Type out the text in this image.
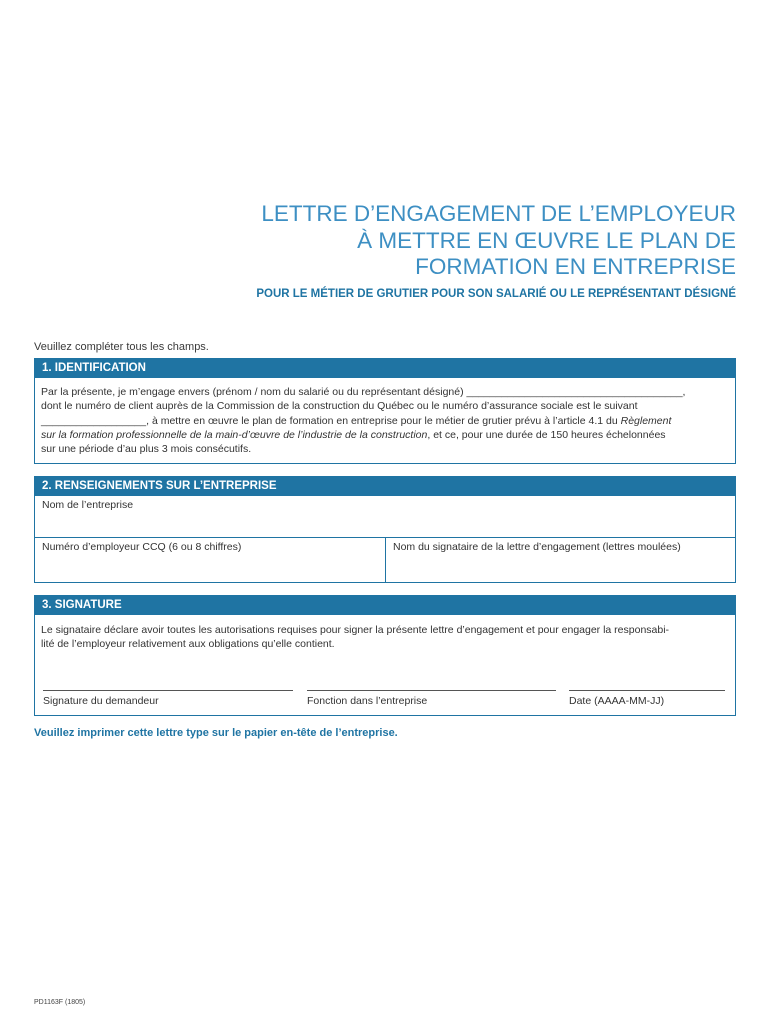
LETTRE D’ENGAGEMENT DE L’EMPLOYEUR
À METTRE EN ŒUVRE LE PLAN DE
FORMATION EN ENTREPRISE
POUR LE MÉTIER DE GRUTIER POUR SON SALARIÉ OU LE REPRÉSENTANT DÉSIGNÉ
Veuillez compléter tous les champs.
1. IDENTIFICATION
Par la présente, je m’engage envers (prénom / nom du salarié ou du représentant désigné) _____________________________________,
dont le numéro de client auprès de la Commission de la construction du Québec ou le numéro d’assurance sociale est le suivant
__________________, à mettre en œuvre le plan de formation en entreprise pour le métier de grutier prévu à l’article 4.1 du Règlement
sur la formation professionnelle de la main-d’œuvre de l’industrie de la construction, et ce, pour une durée de 150 heures échelonnées
sur une période d’au plus 3 mois consécutifs.
2. RENSEIGNEMENTS SUR L’ENTREPRISE
Nom de l’entreprise
Numéro d’employeur CCQ (6 ou 8 chiffres)	Nom du signataire de la lettre d’engagement (lettres moulées)
3. SIGNATURE
Le signataire déclare avoir toutes les autorisations requises pour signer la présente lettre d’engagement et pour engager la responsabi-
lité de l’employeur relativement aux obligations qu’elle contient.
Signature du demandeur	Fonction dans l’entreprise	Date (AAAA-MM-JJ)
Veuillez imprimer cette lettre type sur le papier en-tête de l’entreprise.
PD1163F (1805)
